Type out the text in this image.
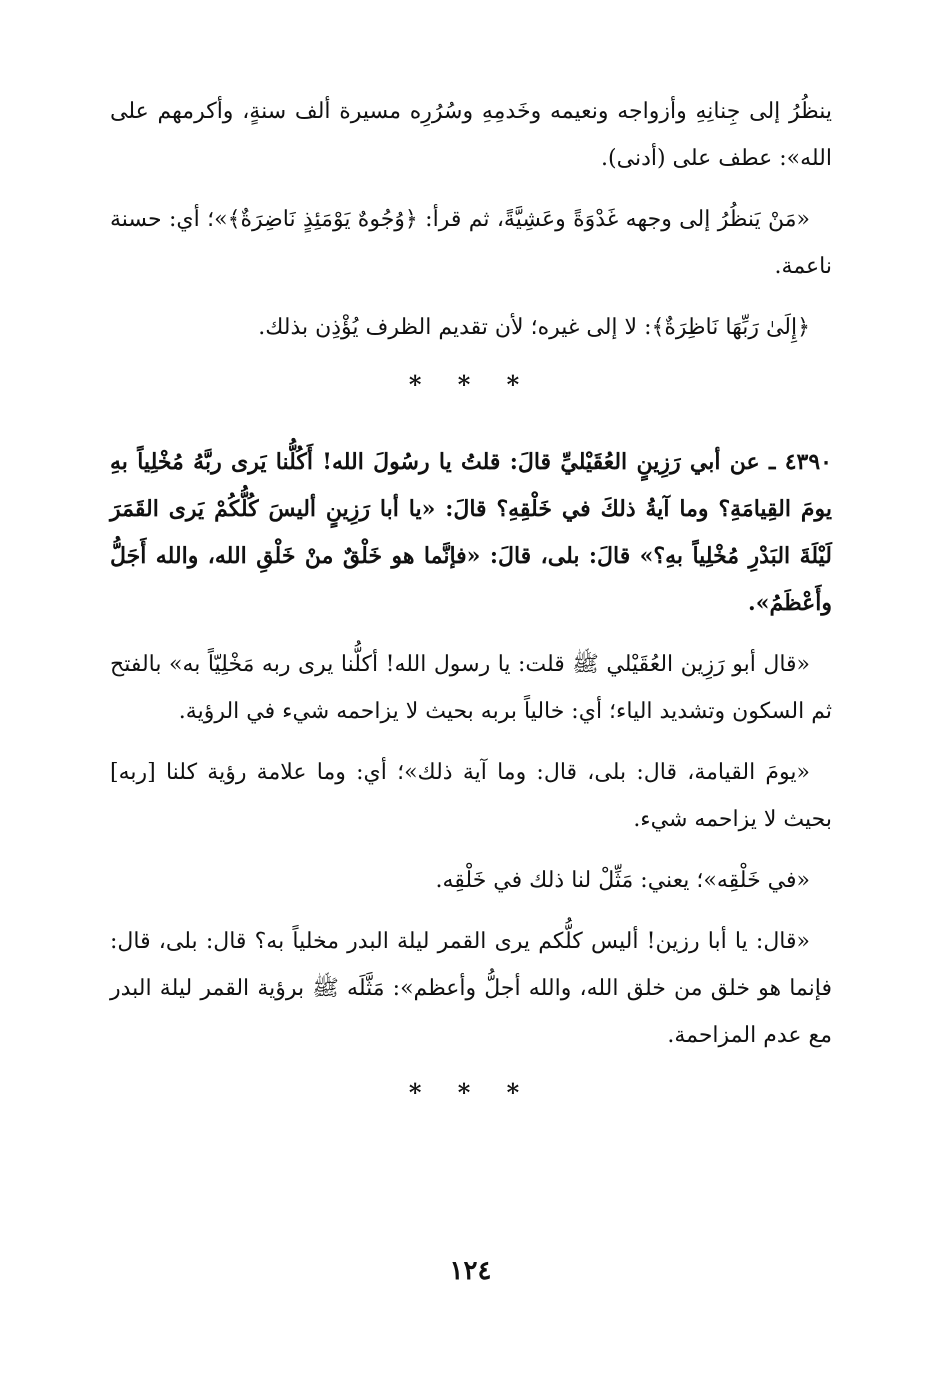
ينظُرُ إلى جِنانِهِ وأزواجه ونعيمه وخَدمِهِ وسُرُرِه مسيرة ألف سنةٍ، وأكرمهم على الله»: عطف على (أدنى).

«مَنْ يَنظُرُ إلى وجهه غَدْوَةً وعَشِيَّةً، ثم قرأ: ﴿وُجُوهٌ يَوْمَئِذٍ نَاضِرَةٌ﴾»؛ أي: حسنة ناعمة.

﴿إِلَىٰ رَبِّهَا نَاظِرَةٌ﴾: لا إلى غيره؛ لأن تقديم الظرف يُؤْذِن بذلك.

* * *

٤٣٩٠ ـ عن أبي رَزِينٍ العُقَيْليِّ قالَ: قلتُ يا رسُولَ الله! أَكُلُّنا يَرى ربَّهُ مُخْلِياً بهِ يومَ القِيامَةِ؟ وما آيةُ ذلكَ في خَلْقِهِ؟ قالَ: «يا أبا رَزِينٍ أليسَ كُلُّكُمْ يَرى القَمَرَ لَيْلَةَ البَدْرِ مُخْلِياً بهِ؟» قالَ: بلى، قالَ: «فإنَّما هو خَلْقٌ منْ خَلْقِ الله، والله أَجَلُّ وأَعْظَمُ».

«قال أبو رَزِين العُقَيْلي ﷺ قلت: يا رسول الله! أكلُّنا يرى ربه مَخْلِيّاً به» بالفتح ثم السكون وتشديد الياء؛ أي: خالياً بربه بحيث لا يزاحمه شيء في الرؤية.

«يومَ القيامة، قال: بلى، قال: وما آية ذلك»؛ أي: وما علامة رؤية كلنا [ربه] بحيث لا يزاحمه شيء.

«في خَلْقِه»؛ يعني: مَثِّلْ لنا ذلك في خَلْقِه.

«قال: يا أبا رزين! أليس كلُّكم يرى القمر ليلة البدر مخلياً به؟ قال: بلى، قال: فإنما هو خلق من خلق الله، والله أجلُّ وأعظم»: مَثَّلَه ﷺ برؤية القمر ليلة البدر مع عدم المزاحمة.

* * *
١٢٤
